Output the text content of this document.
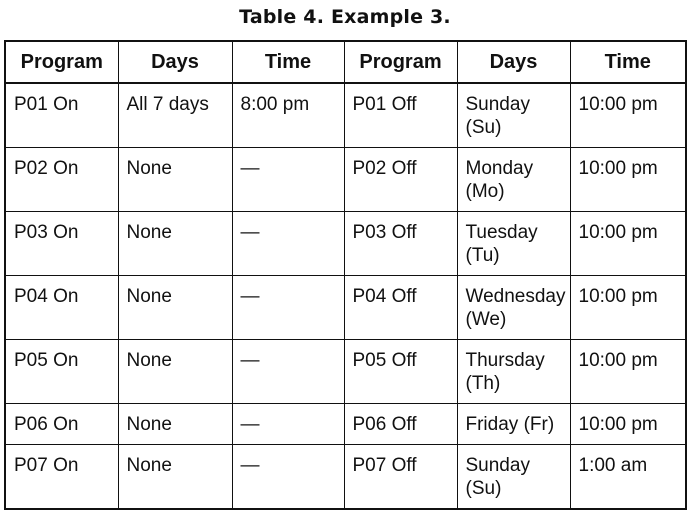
Table 4. Example 3.
Program	Days	Time	Program	Days	Time
P01 On	All 7 days	8:00 pm	P01 Off	Sunday (Su)	10:00 pm
P02 On	None	—	P02 Off	Monday (Mo)	10:00 pm
P03 On	None	—	P03 Off	Tuesday (Tu)	10:00 pm
P04 On	None	—	P04 Off	Wednesday (We)	10:00 pm
P05 On	None	—	P05 Off	Thursday (Th)	10:00 pm
P06 On	None	—	P06 Off	Friday (Fr)	10:00 pm
P07 On	None	—	P07 Off	Sunday (Su)	1:00 am
